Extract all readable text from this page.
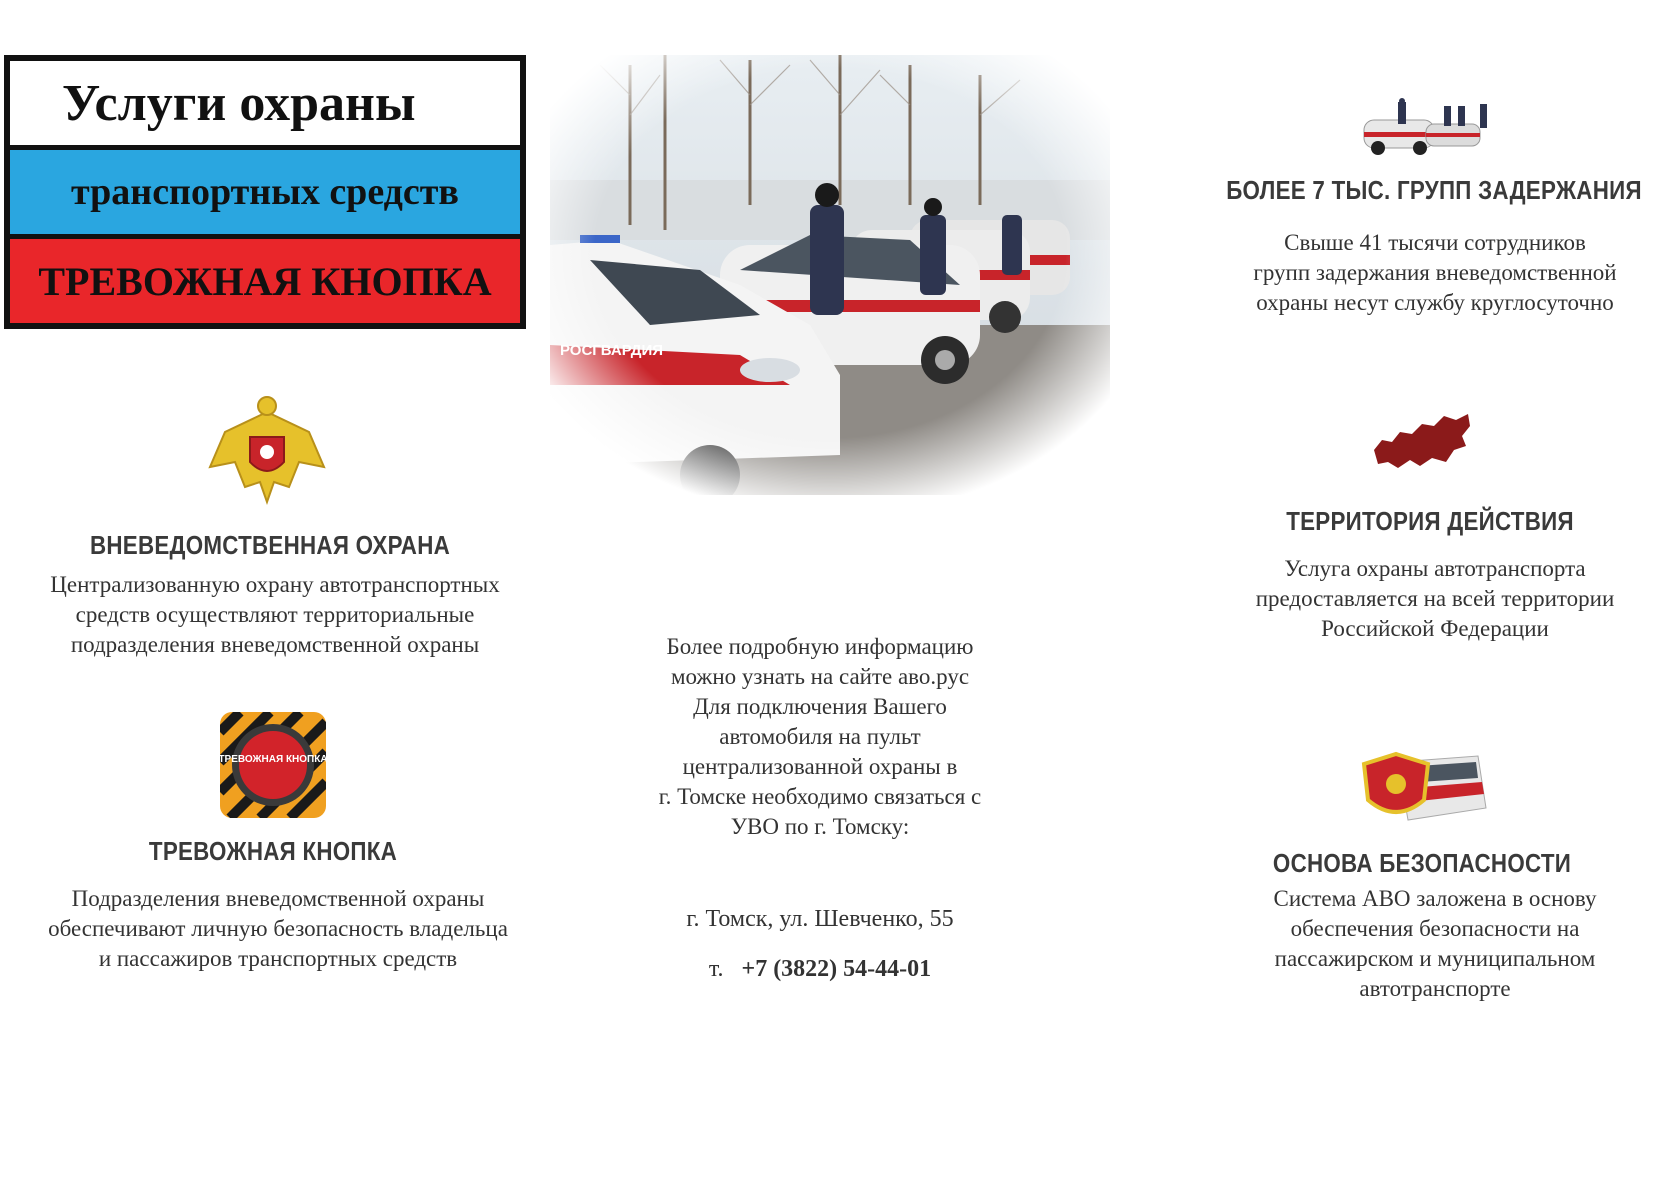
Услуги охраны
транспортных средств
ТРЕВОЖНАЯ КНОПКА
ВНЕВЕДОМСТВЕННАЯ ОХРАНА
Централизованную охрану автотранспортных
средств осуществляют территориальные
подразделения вневедомственной охраны
ТРЕВОЖНАЯ КНОПКА
ТРЕВОЖНАЯ КНОПКА
Подразделения вневедомственной охраны
обеспечивают личную безопасность владельца
и пассажиров транспортных средств
Более подробную информацию
можно узнать на сайте аво.рус
Для подключения Вашего
автомобиля на пульт
централизованной охраны в
г. Томске необходимо связаться с
УВО по г. Томску:
г. Томск, ул. Шевченко, 55
т. +7 (3822) 54-44-01
БОЛЕЕ 7 ТЫС. ГРУПП ЗАДЕРЖАНИЯ
Свыше 41 тысячи сотрудников
групп задержания вневедомственной
охраны несут службу круглосуточно
ТЕРРИТОРИЯ ДЕЙСТВИЯ
Услуга охраны автотранспорта
предоставляется на всей территории
Российской Федерации
ОСНОВА БЕЗОПАСНОСТИ
Система АВО заложена в основу
обеспечения безопасности на
пассажирском и муниципальном
автотранспорте
